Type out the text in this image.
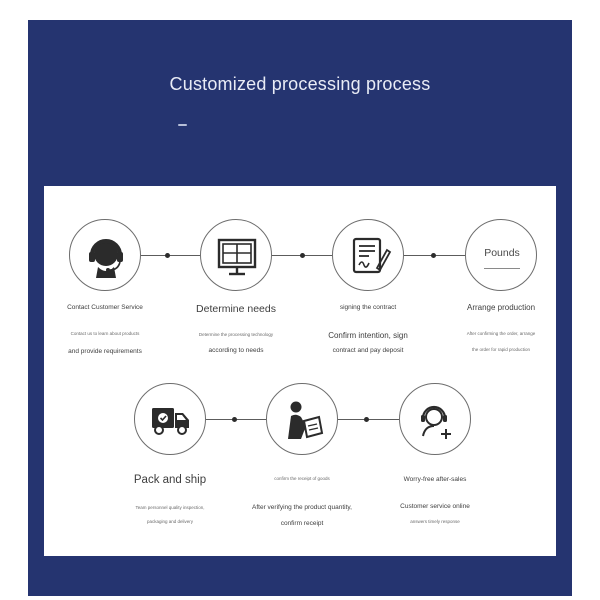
Customized processing process
Contact Customer Service
Contact us to learn about products
and provide requirements
Determine needs
Determine the processing technology
according to needs
signing the contract
Confirm intention, sign
contract and pay deposit
Pounds
Arrange production
After confirming the order, arrange
the order for rapid production
Pack and ship
Team personnel quality inspection,
packaging and delivery
confirm the receipt of goods
After verifying the product quantity,
confirm receipt
Worry-free after-sales
Customer service online
answers timely response
